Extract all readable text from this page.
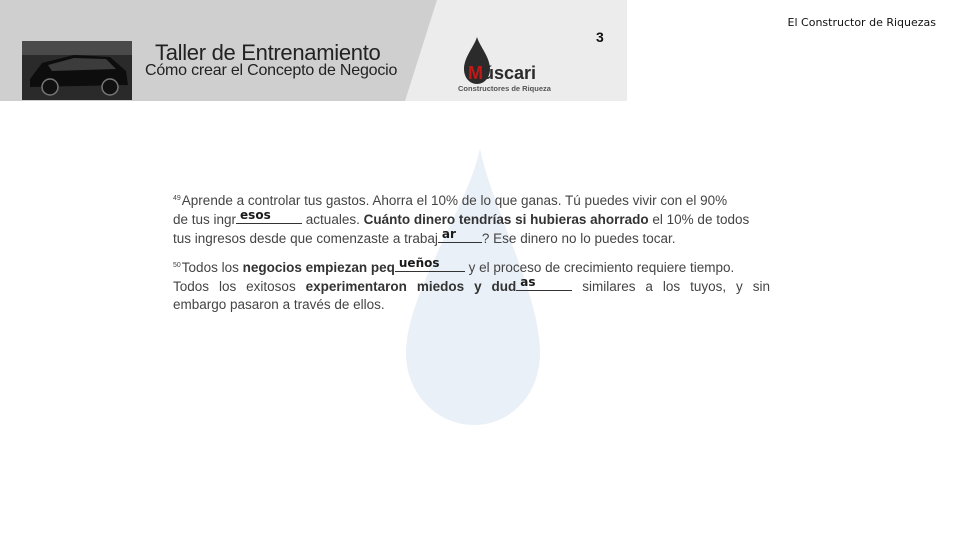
El Constructor de Riquezas
Taller de Entrenamiento
Cómo crear el Concepto de Negocio	Múscari
Constructores de Riqueza
3
$^{49}$Aprende a controlar tus gastos. Ahorra el 10% de lo que ganas. Tú puedes vivir con el 90%
de tus ingr esos actuales. Cuánto dinero tendrías si hubieras ahorrado el 10% de todos
tus ingresos desde que comenzaste a trabaj ar ? Ese dinero no lo puedes tocar.
$^{50}$Todos los negocios empiezan peq ueños y el proceso de crecimiento requiere tiempo.
Todos los exitosos experimentaron miedos y dud as	similares a los tuyos, y sin
embargo pasaron a través de ellos.
